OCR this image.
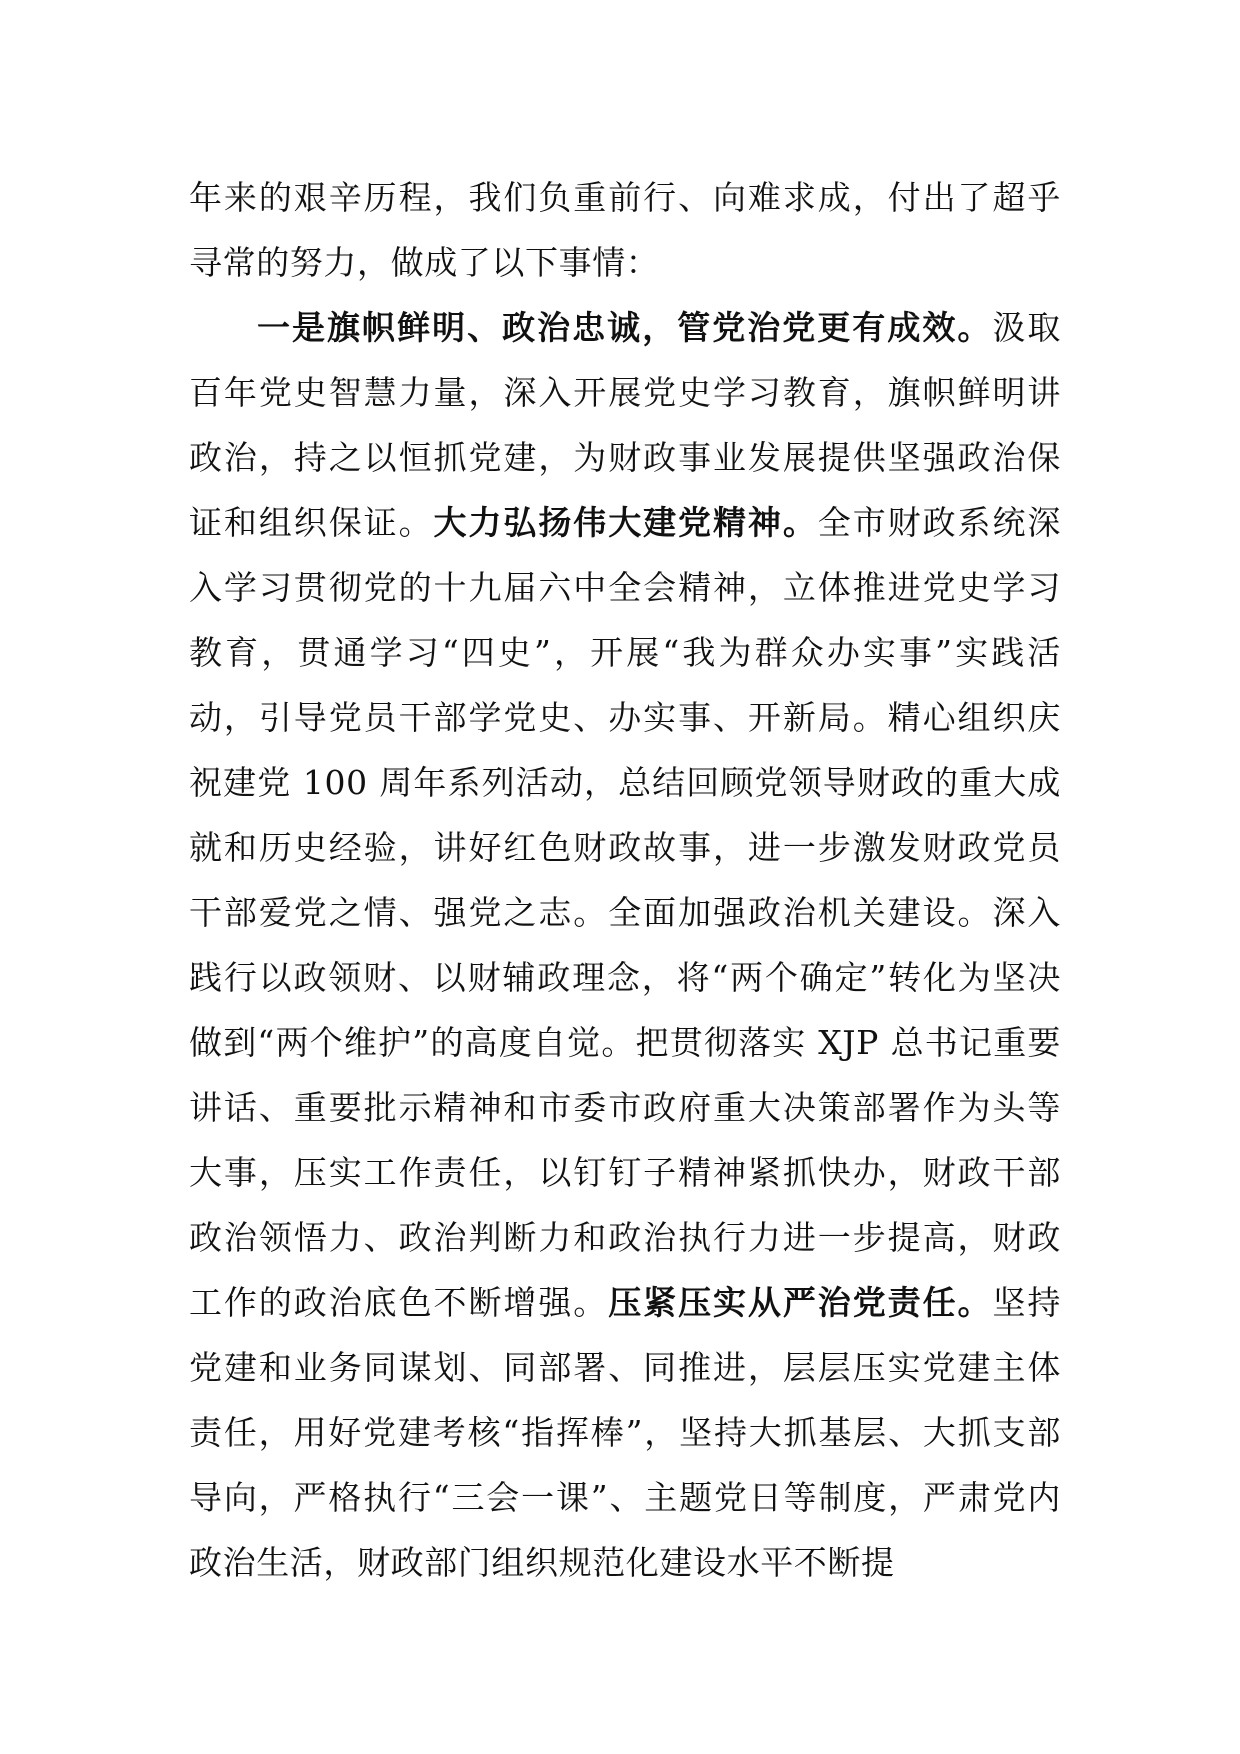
年来的艰辛历程，我们负重前行、向难求成，付出了超乎寻常的努力，做成了以下事情：

一是旗帜鲜明、政治忠诚，管党治党更有成效。汲取百年党史智慧力量，深入开展党史学习教育，旗帜鲜明讲政治，持之以恒抓党建，为财政事业发展提供坚强政治保证和组织保证。大力弘扬伟大建党精神。全市财政系统深入学习贯彻党的十九届六中全会精神，立体推进党史学习教育，贯通学习“四史”，开展“我为群众办实事”实践活动，引导党员干部学党史、办实事、开新局。精心组织庆祝建党 100 周年系列活动，总结回顾党领导财政的重大成就和历史经验，讲好红色财政故事，进一步激发财政党员干部爱党之情、强党之志。全面加强政治机关建设。深入践行以政领财、以财辅政理念，将“两个确定”转化为坚决做到“两个维护”的高度自觉。把贯彻落实 XJP 总书记重要讲话、重要批示精神和市委市政府重大决策部署作为头等大事，压实工作责任，以钉钉子精神紧抓快办，财政干部政治领悟力、政治判断力和政治执行力进一步提高，财政工作的政治底色不断增强。压紧压实从严治党责任。坚持党建和业务同谋划、同部署、同推进，层层压实党建主体责任，用好党建考核“指挥棒”，坚持大抓基层、大抓支部导向，严格执行“三会一课”、主题党日等制度，严肃党内政治生活，财政部门组织规范化建设水平不断提
